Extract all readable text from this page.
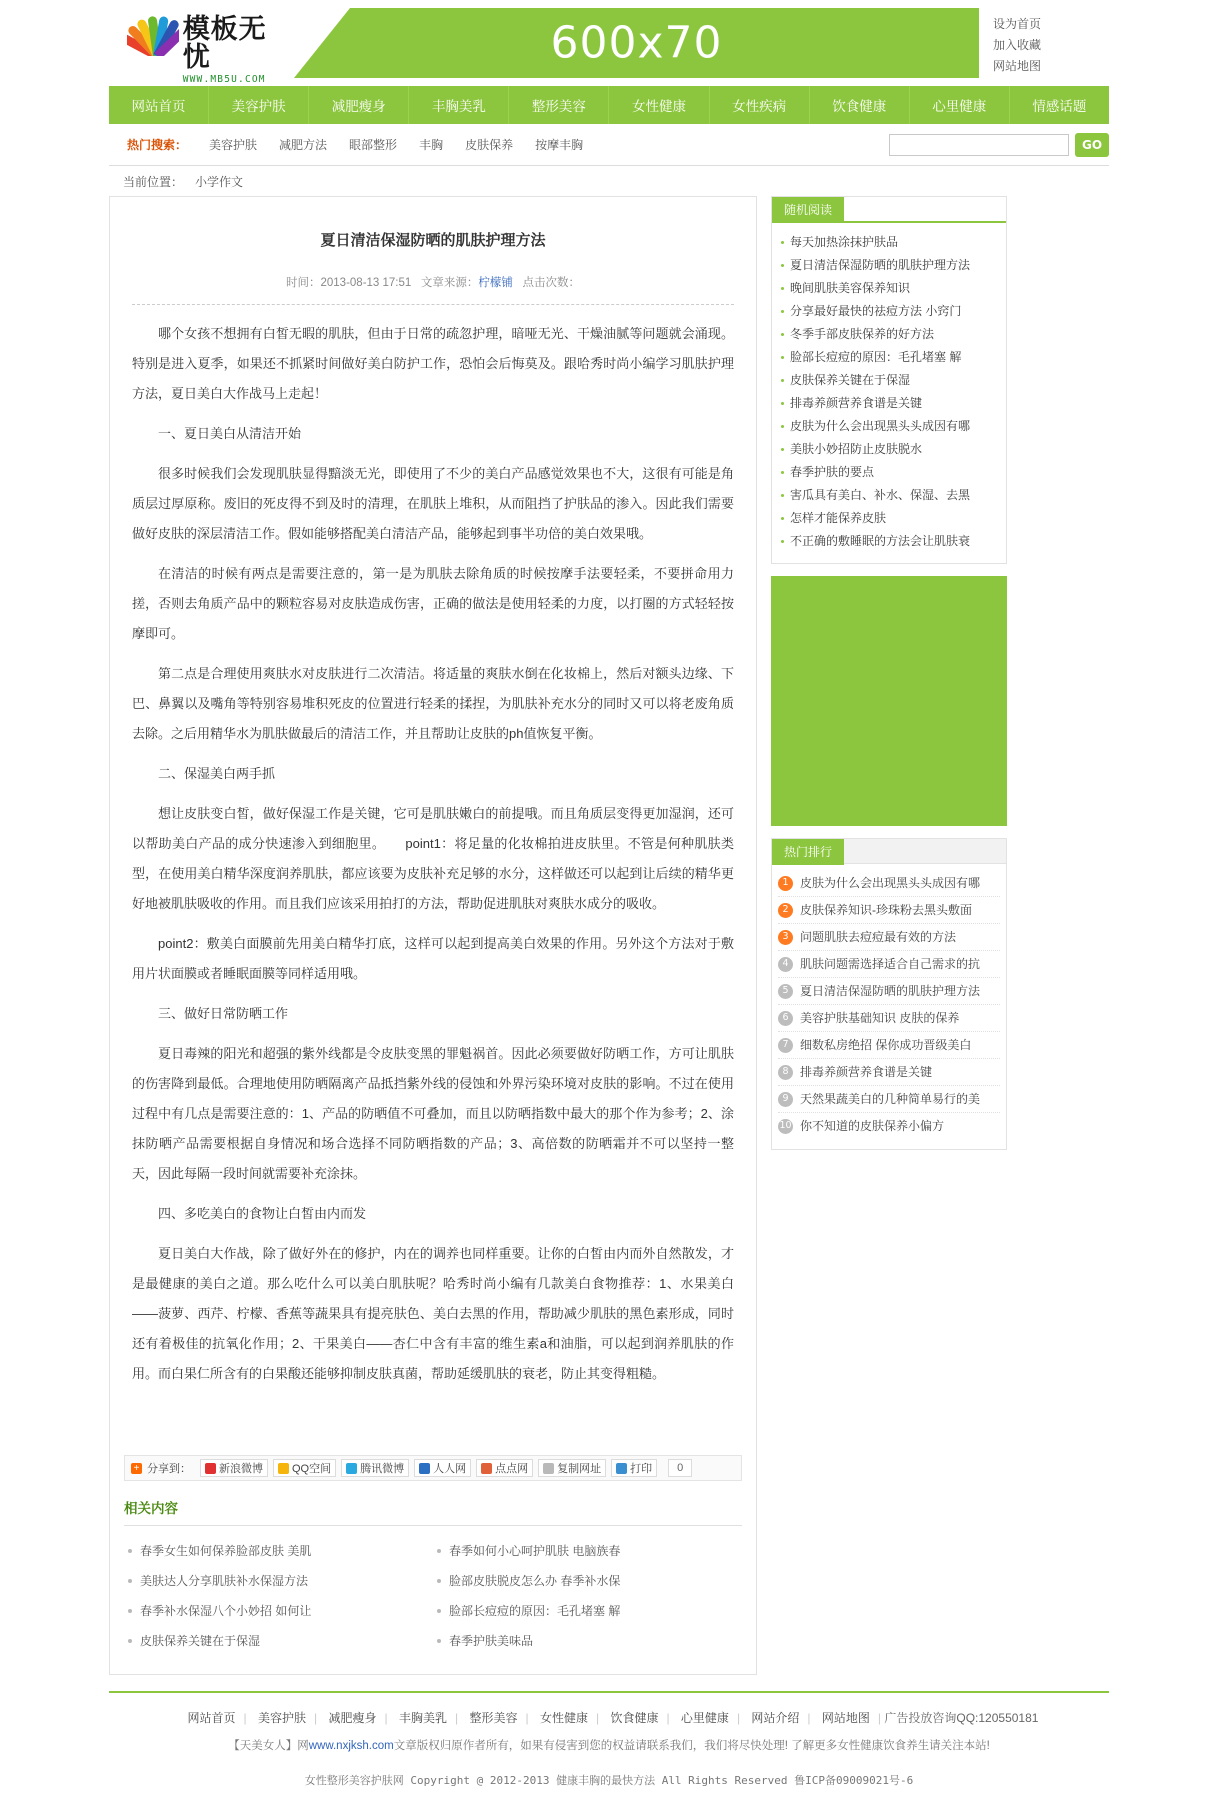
模板无忧
WWW.MB5U.COM
600x70	设为首页
加入收藏
网站地图
网站首页	美容护肤	减肥瘦身	丰胸美乳	整形美容	女性健康	女性疾病	饮食健康	心里健康	情感话题
热门搜索： 美容护肤 减肥方法 眼部整形 丰胸 皮肤保养 按摩丰胸	GO
当前位置： 小学作文
夏日清洁保湿防晒的肌肤护理方法
时间：2013-08-13 17:51 文章来源：柠檬铺 点击次数：

哪个女孩不想拥有白皙无暇的肌肤，但由于日常的疏忽护理，暗哑无光、干燥油腻等问题就会涌现。特别是进入夏季，如果还不抓紧时间做好美白防护工作，恐怕会后悔莫及。跟哈秀时尚小编学习肌肤护理方法，夏日美白大作战马上走起！

一、夏日美白从清洁开始

很多时候我们会发现肌肤显得黯淡无光，即使用了不少的美白产品感觉效果也不大，这很有可能是角质层过厚原称。废旧的死皮得不到及时的清理，在肌肤上堆积，从而阻挡了护肤品的渗入。因此我们需要做好皮肤的深层清洁工作。假如能够搭配美白清洁产品，能够起到事半功倍的美白效果哦。

在清洁的时候有两点是需要注意的，第一是为肌肤去除角质的时候按摩手法要轻柔，不要拼命用力搓，否则去角质产品中的颗粒容易对皮肤造成伤害，正确的做法是使用轻柔的力度，以打圈的方式轻轻按摩即可。

第二点是合理使用爽肤水对皮肤进行二次清洁。将适量的爽肤水倒在化妆棉上，然后对额头边缘、下巴、鼻翼以及嘴角等特别容易堆积死皮的位置进行轻柔的揉捏，为肌肤补充水分的同时又可以将老废角质去除。之后用精华水为肌肤做最后的清洁工作，并且帮助让皮肤的ph值恢复平衡。

二、保湿美白两手抓

想让皮肤变白皙，做好保湿工作是关键，它可是肌肤嫩白的前提哦。而且角质层变得更加湿润，还可以帮助美白产品的成分快速渗入到细胞里。　　point1：将足量的化妆棉拍进皮肤里。不管是何种肌肤类型，在使用美白精华深度润养肌肤，都应该要为皮肤补充足够的水分，这样做还可以起到让后续的精华更好地被肌肤吸收的作用。而且我们应该采用拍打的方法，帮助促进肌肤对爽肤水成分的吸收。

point2：敷美白面膜前先用美白精华打底，这样可以起到提高美白效果的作用。另外这个方法对于敷用片状面膜或者睡眠面膜等同样适用哦。

三、做好日常防晒工作

夏日毒辣的阳光和超强的紫外线都是令皮肤变黑的罪魁祸首。因此必须要做好防晒工作，方可让肌肤的伤害降到最低。合理地使用防晒隔离产品抵挡紫外线的侵蚀和外界污染环境对皮肤的影响。不过在使用过程中有几点是需要注意的：1、产品的防晒值不可叠加，而且以防晒指数中最大的那个作为参考；2、涂抹防晒产品需要根据自身情况和场合选择不同防晒指数的产品；3、高倍数的防晒霜并不可以坚持一整天，因此每隔一段时间就需要补充涂抹。

四、多吃美白的食物让白皙由内而发

夏日美白大作战，除了做好外在的修护，内在的调养也同样重要。让你的白皙由内而外自然散发，才是最健康的美白之道。那么吃什么可以美白肌肤呢？哈秀时尚小编有几款美白食物推荐：1、水果美白——菠萝、西芹、柠檬、香蕉等蔬果具有提亮肤色、美白去黑的作用，帮助减少肌肤的黑色素形成，同时还有着极佳的抗氧化作用；2、干果美白——杏仁中含有丰富的维生素a和油脂，可以起到润养肌肤的作用。而白果仁所含有的白果酸还能够抑制皮肤真菌，帮助延缓肌肤的衰老，防止其变得粗糙。

+ 分享到：	新浪微博	QQ空间	腾讯微博	人人网	点点网	复制网址	打印	0
相关内容
春季女生如何保养脸部皮肤 美肌	春季如何小心呵护肌肤 电脑族春
美肤达人分享肌肤补水保湿方法	脸部皮肤脱皮怎么办 春季补水保
春季补水保湿八个小妙招 如何让	脸部长痘痘的原因：毛孔堵塞 解
皮肤保养关键在于保湿	春季护肤美味品
随机阅读
每天加热涂抹护肤品
夏日清洁保湿防晒的肌肤护理方法
晚间肌肤美容保养知识
分享最好最快的祛痘方法 小窍门
冬季手部皮肤保养的好方法
脸部长痘痘的原因：毛孔堵塞 解
皮肤保养关键在于保湿
排毒养颜营养食谱是关键
皮肤为什么会出现黑头头成因有哪
美肤小妙招防止皮肤脱水
春季护肤的要点
害瓜具有美白、补水、保湿、去黑
怎样才能保养皮肤
不正确的敷睡眠的方法会让肌肤衰
热门排行
1 皮肤为什么会出现黑头头成因有哪
2 皮肤保养知识-珍珠粉去黑头敷面
3 问题肌肤去痘痘最有效的方法
4 肌肤问题需选择适合自己需求的抗
5 夏日清洁保湿防晒的肌肤护理方法
6 美容护肤基础知识 皮肤的保养
7 细数私房绝招 保你成功晋级美白
8 排毒养颜营养食谱是关键
9 天然果蔬美白的几种简单易行的美
10 你不知道的皮肤保养小偏方
网站首页 | 美容护肤 | 减肥瘦身 | 丰胸美乳 | 整形美容 | 女性健康 | 饮食健康 | 心里健康 | 网站介绍 | 网站地图 | 广告投放咨询QQ:120550181
【天美女人】网www.nxjksh.com文章版权归原作者所有，如果有侵害到您的权益请联系我们，我们将尽快处理! 了解更多女性健康饮食养生请关注本站!
女性整形美容护肤网 Copyright @ 2012-2013 健康丰胸的最快方法 All Rights Reserved 鲁ICP备09009021号-6
